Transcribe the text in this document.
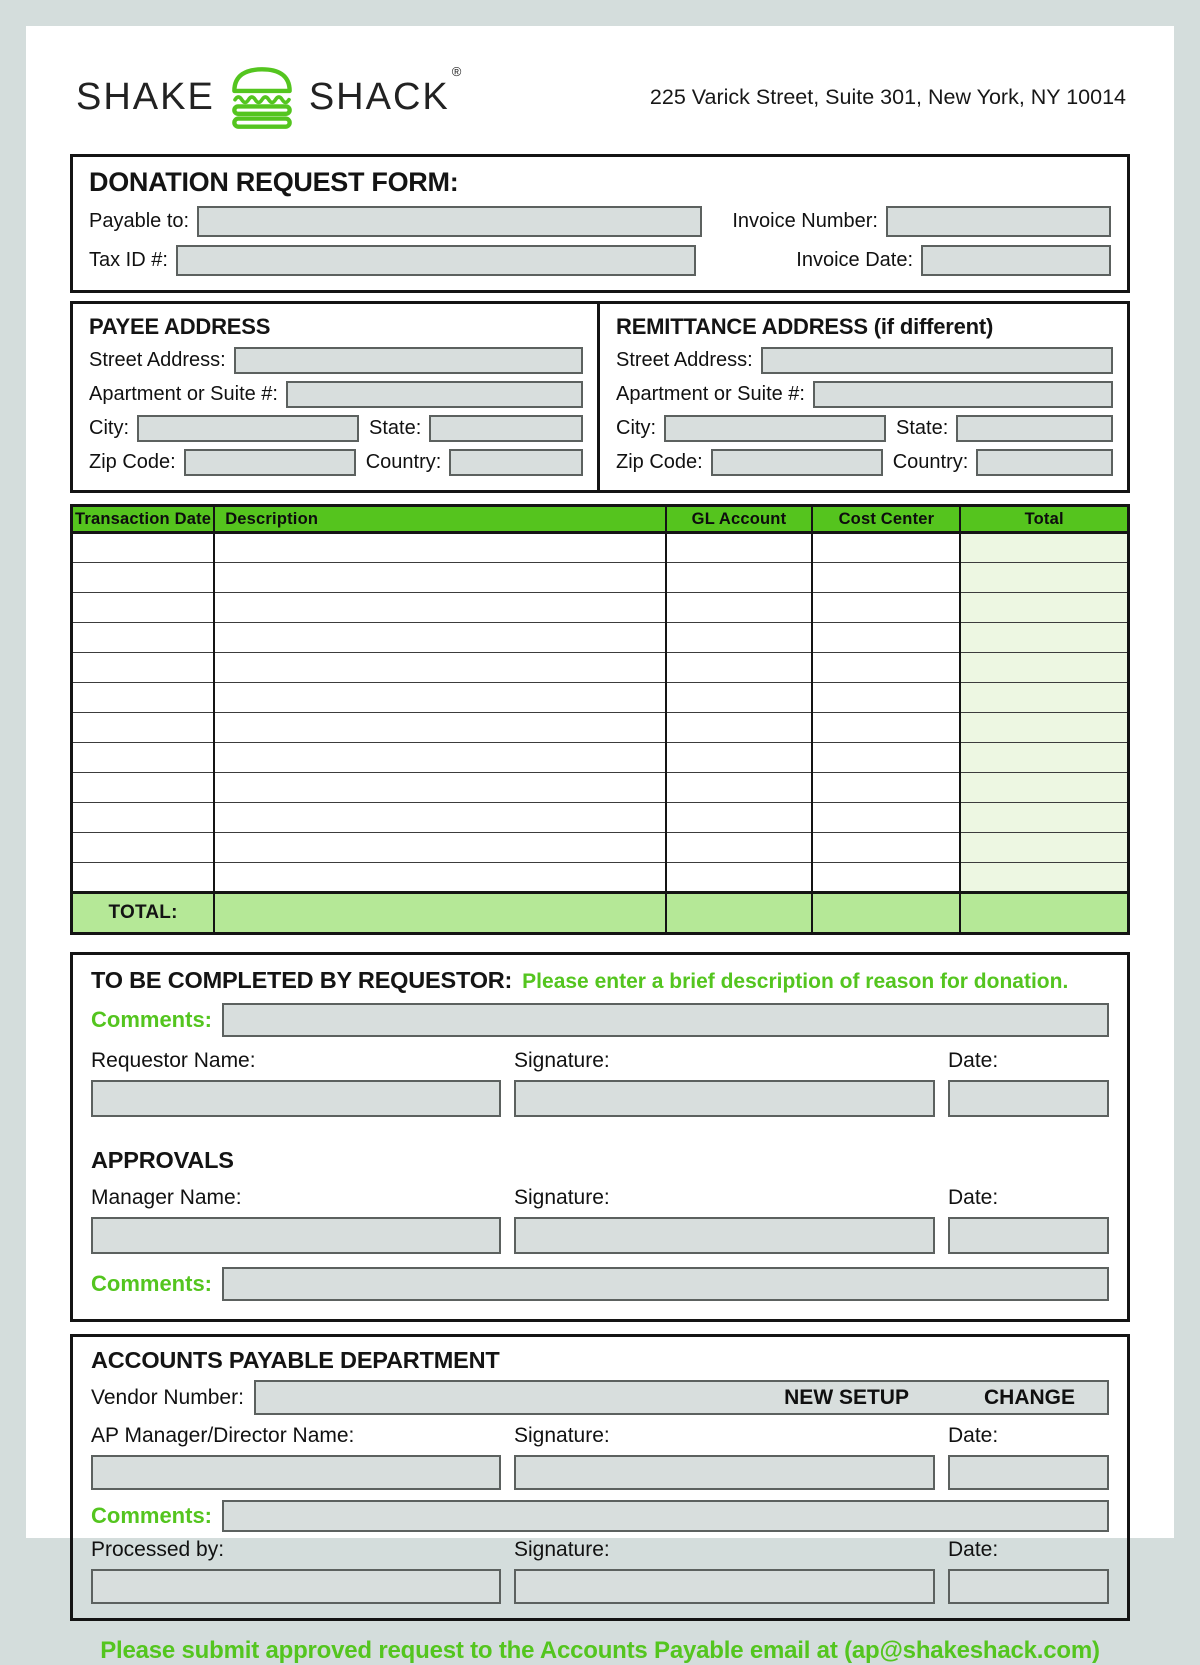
SHAKE SHACK®
225 Varick Street, Suite 301, New York, NY 10014
DONATION REQUEST FORM:
Payable to:	Invoice Number:
Tax ID #:	Invoice Date:
PAYEE ADDRESS
Street Address:
Apartment or Suite #:
City:	State:
Zip Code:	Country:
REMITTANCE ADDRESS (if different)
Street Address:
Apartment or Suite #:
City:	State:
Zip Code:	Country:
Transaction Date	Description	GL Account	Cost Center	Total

TOTAL:				
TO BE COMPLETED BY REQUESTOR: Please enter a brief description of reason for donation.
Comments:
Requestor Name:	Signature:	Date:
APPROVALS
Manager Name:	Signature:	Date:
Comments:
ACCOUNTS PAYABLE DEPARTMENT
Vendor Number:	NEW SETUP	CHANGE
AP Manager/Director Name:	Signature:	Date:
Comments:
Processed by:	Signature:	Date:
Please submit approved request to the Accounts Payable email at (ap@shakeshack.com)
